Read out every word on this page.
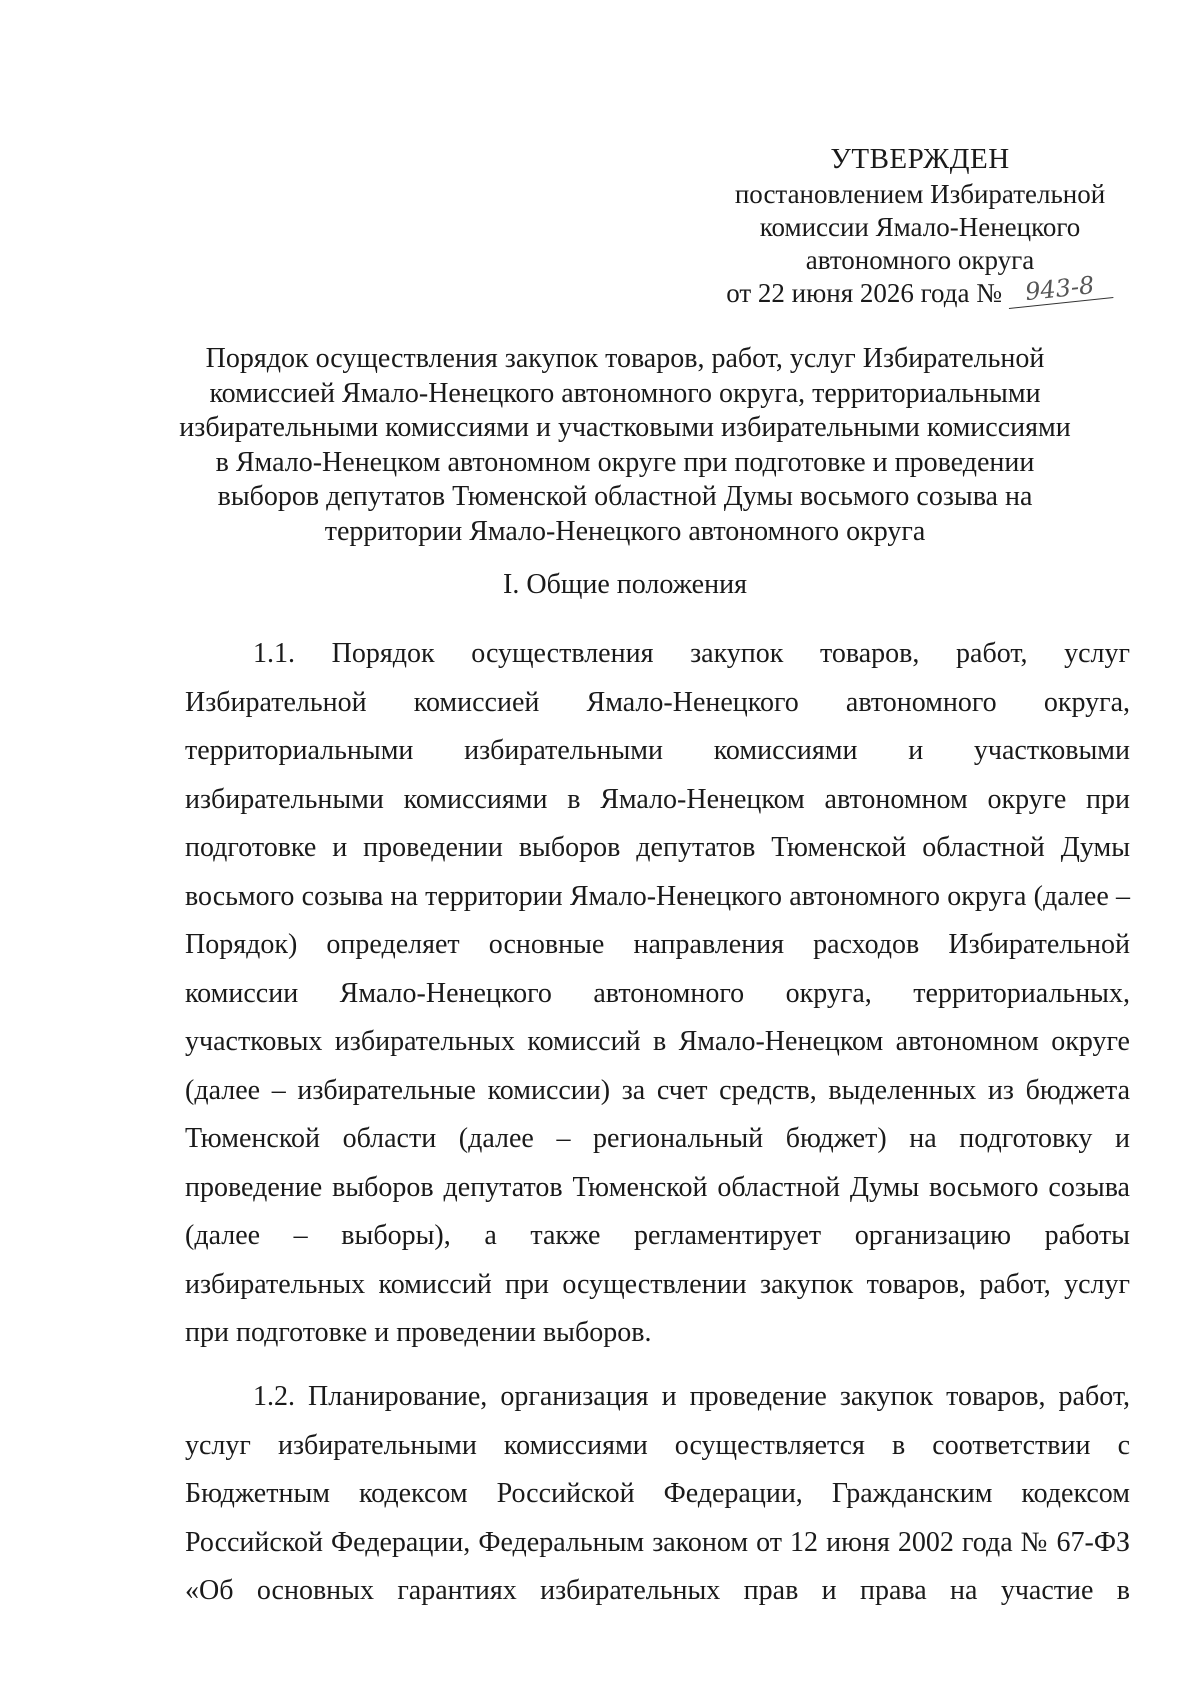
УТВЕРЖДЕН
постановлением Избирательной
комиссии Ямало-Ненецкого
автономного округа
от 22 июня 2026 года № 943-8
Порядок осуществления закупок товаров, работ, услуг Избирательной комиссией Ямало-Ненецкого автономного округа, территориальными избирательными комиссиями и участковыми избирательными комиссиями в Ямало-Ненецком автономном округе при подготовке и проведении выборов депутатов Тюменской областной Думы восьмого созыва на территории Ямало-Ненецкого автономного округа
I. Общие положения
1.1. Порядок осуществления закупок товаров, работ, услуг Избирательной комиссией Ямало-Ненецкого автономного округа, территориальными избирательными комиссиями и участковыми избирательными комиссиями в Ямало-Ненецком автономном округе при подготовке и проведении выборов депутатов Тюменской областной Думы восьмого созыва на территории Ямало-Ненецкого автономного округа (далее – Порядок) определяет основные направления расходов Избирательной комиссии Ямало-Ненецкого автономного округа, территориальных, участковых избирательных комиссий в Ямало-Ненецком автономном округе (далее – избирательные комиссии) за счет средств, выделенных из бюджета Тюменской области (далее – региональный бюджет) на подготовку и проведение выборов депутатов Тюменской областной Думы восьмого созыва (далее – выборы), а также регламентирует организацию работы избирательных комиссий при осуществлении закупок товаров, работ, услуг при подготовке и проведении выборов.
1.2. Планирование, организация и проведение закупок товаров, работ, услуг избирательными комиссиями осуществляется в соответствии с Бюджетным кодексом Российской Федерации, Гражданским кодексом Российской Федерации, Федеральным законом от 12 июня 2002 года № 67-ФЗ «Об основных гарантиях избирательных прав и права на участие в
